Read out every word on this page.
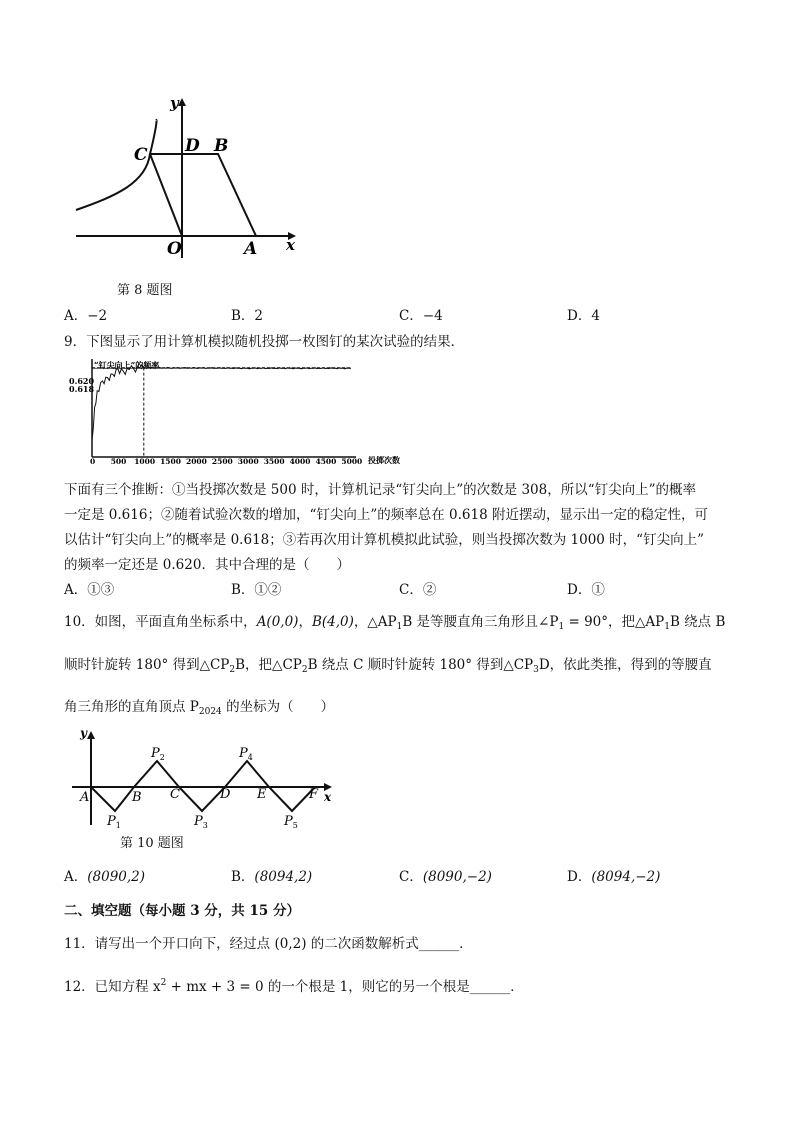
y
x
C D B
O	A
第 8 题图
A．−2	B．2	C．−4	D．4
9．下图显示了用计算机模拟随机投掷一枚图钉的某次试验的结果．
“钉尖向上”的频率
投掷次数
0.620
0.618
0 500 1000 1500 2000 2500 3000 3500 4000 4500 5000
下面有三个推断：①当投掷次数是 500 时，计算机记录“钉尖向上”的次数是 308，所以“钉尖向上”的概率
一定是 0.616；②随着试验次数的增加，“钉尖向上”的频率总在 0.618 附近摆动，显示出一定的稳定性，可
以估计“钉尖向上”的概率是 0.618；③若再次用计算机模拟此试验，则当投掷次数为 1000 时，“钉尖向上”
的频率一定还是 0.620．其中合理的是（　　）
A．①③	B．①②	C．②	D．①
10．如图，平面直角坐标系中，A(0,0)，B(4,0)，$\triangle AP_1B$ 是等腰直角三角形且$\angle P_1 = 90^\circ$，把$\triangle AP_1B$ 绕点 B
顺时针旋转 180° 得到$\triangle CP_2B$，把$\triangle CP_2B$ 绕点 C 顺时针旋转 180° 得到$\triangle CP_3D$，依此类推，得到的等腰直
角三角形的直角顶点 $P_{2024}$ 的坐标为（　　）
y
x
A	B C	D E	F
$P_1$
$P_2$
$P_3$
$P_4$
$P_5$
第 10 题图
A．(8090,2)	B．(8094,2)	C．(8090,−2)	D．(8094,−2)
二、填空题（每小题 3 分，共 15 分）
11．请写出一个开口向下，经过点 (0,2) 的二次函数解析式______．
12．已知方程 $x^2$ + mx + 3 = 0 的一个根是 1，则它的另一个根是______．
